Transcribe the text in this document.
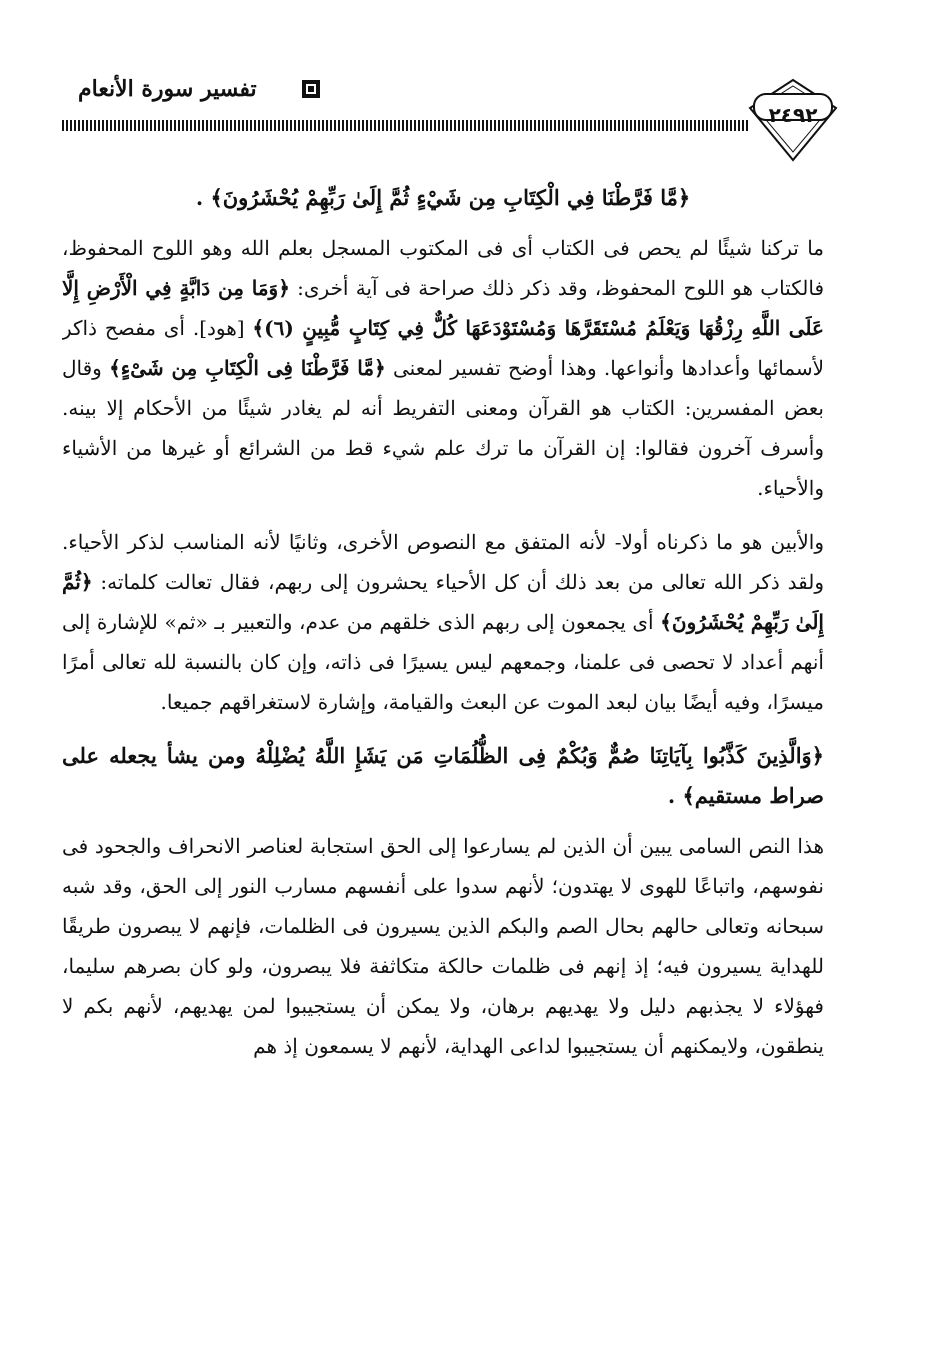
تفسير سورة الأنعام
٢٤٩٢
﴿مَّا فَرَّطْنَا فِي الْكِتَابِ مِن شَيْءٍ ثُمَّ إِلَىٰ رَبِّهِمْ يُحْشَرُونَ﴾ .

ما تركنا شيئًا لم يحص فى الكتاب أى فى المكتوب المسجل بعلم الله وهو اللوح المحفوظ، فالكتاب هو اللوح المحفوظ، وقد ذكر ذلك صراحة فى آية أخرى: ﴿وَمَا مِن دَابَّةٍ فِي الْأَرْضِ إِلَّا عَلَى اللَّهِ رِزْقُهَا وَيَعْلَمُ مُسْتَقَرَّهَا وَمُسْتَوْدَعَهَا كُلٌّ فِي كِتَابٍ مُّبِينٍ (٦)﴾ [هود]. أى مفصح ذاكر لأسمائها وأعدادها وأنواعها. وهذا أوضح تفسير لمعنى ﴿مَّا فَرَّطْنَا فِى الْكِتَابِ مِن شَىْءٍ﴾ وقال بعض المفسرين: الكتاب هو القرآن ومعنى التفريط أنه لم يغادر شيئًا من الأحكام إلا بينه. وأسرف آخرون فقالوا: إن القرآن ما ترك علم شيء قط من الشرائع أو غيرها من الأشياء والأحياء.

والأبين هو ما ذكرناه أولا- لأنه المتفق مع النصوص الأخرى، وثانيًا لأنه المناسب لذكر الأحياء. ولقد ذكر الله تعالى من بعد ذلك أن كل الأحياء يحشرون إلى ربهم، فقال تعالت كلماته: ﴿ثُمَّ إِلَىٰ رَبِّهِمْ يُحْشَرُونَ﴾ أى يجمعون إلى ربهم الذى خلقهم من عدم، والتعبير بـ «ثم» للإشارة إلى أنهم أعداد لا تحصى فى علمنا، وجمعهم ليس يسيرًا فى ذاته، وإن كان بالنسبة لله تعالى أمرًا ميسرًا، وفيه أيضًا بيان لبعد الموت عن البعث والقيامة، وإشارة لاستغراقهم جميعا.

﴿وَالَّذِينَ كَذَّبُوا بِآيَاتِنَا صُمٌّ وَبُكْمٌ فِى الظُّلُمَاتِ مَن يَشَإِ اللَّهُ يُضْلِلْهُ ومن يشأ يجعله على صراط مستقيم﴾ .

هذا النص السامى يبين أن الذين لم يسارعوا إلى الحق استجابة لعناصر الانحراف والجحود فى نفوسهم، واتباعًا للهوى لا يهتدون؛ لأنهم سدوا على أنفسهم مسارب النور إلى الحق، وقد شبه سبحانه وتعالى حالهم بحال الصم والبكم الذين يسيرون فى الظلمات، فإنهم لا يبصرون طريقًا للهداية يسيرون فيه؛ إذ إنهم فى ظلمات حالكة متكاثفة فلا يبصرون، ولو كان بصرهم سليما، فهؤلاء لا يجذبهم دليل ولا يهديهم برهان، ولا يمكن أن يستجيبوا لمن يهديهم، لأنهم بكم لا ينطقون، ولايمكنهم أن يستجيبوا لداعى الهداية، لأنهم لا يسمعون إذ هم
